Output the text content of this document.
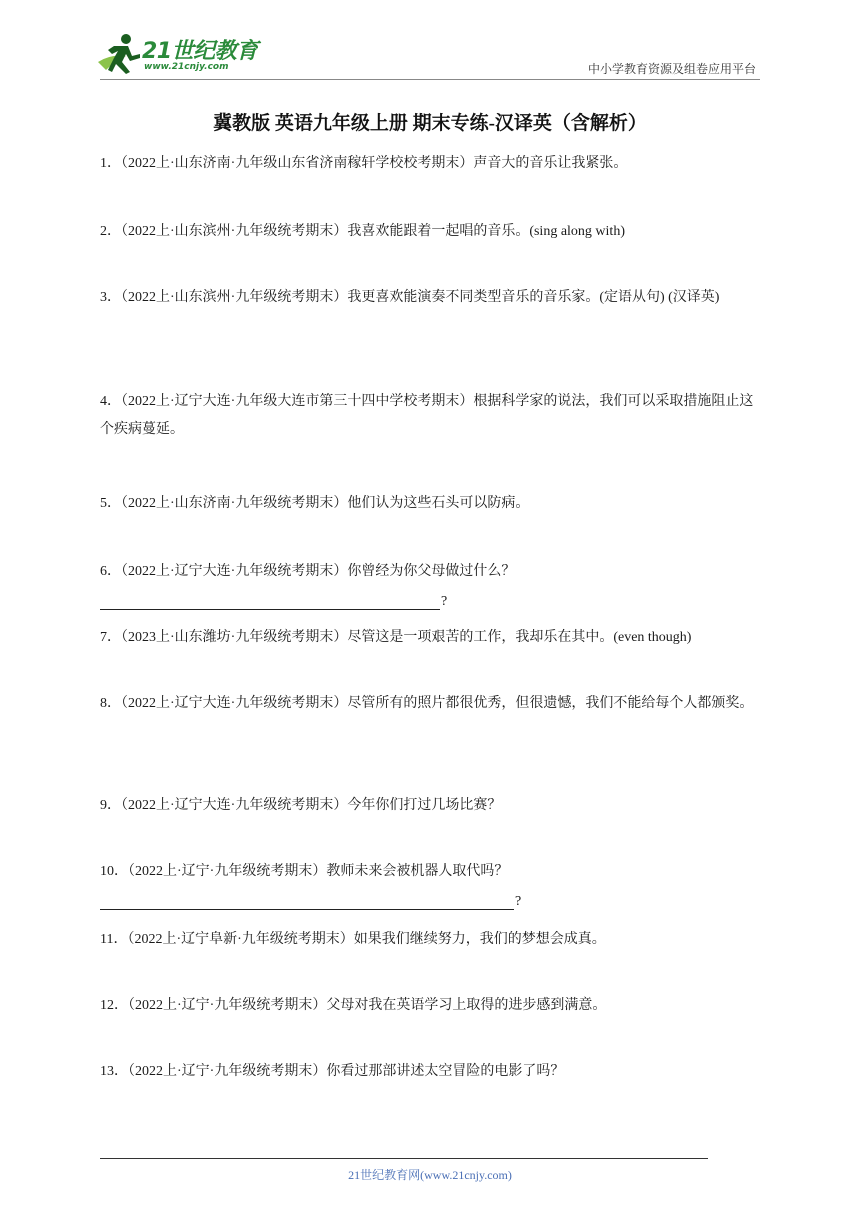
21世纪教育
www.21cnjy.com	中小学教育资源及组卷应用平台
冀教版 英语九年级上册 期末专练-汉译英（含解析）
1．（2022上·山东济南·九年级山东省济南稼轩学校校考期末）声音大的音乐让我紧张。
2．（2022上·山东滨州·九年级统考期末）我喜欢能跟着一起唱的音乐。(sing along with)
3．（2022上·山东滨州·九年级统考期末）我更喜欢能演奏不同类型音乐的音乐家。(定语从句) (汉译英)
4．（2022上·辽宁大连·九年级大连市第三十四中学校考期末）根据科学家的说法，我们可以采取措施阻止这个疾病蔓延。
5．（2022上·山东济南·九年级统考期末）他们认为这些石头可以防病。
6．（2022上·辽宁大连·九年级统考期末）你曾经为你父母做过什么？
?
7．（2023上·山东潍坊·九年级统考期末）尽管这是一项艰苦的工作，我却乐在其中。(even though)
8．（2022上·辽宁大连·九年级统考期末）尽管所有的照片都很优秀，但很遗憾，我们不能给每个人都颁奖。
9．（2022上·辽宁大连·九年级统考期末）今年你们打过几场比赛？
10．（2022上·辽宁·九年级统考期末）教师未来会被机器人取代吗？
?
11．（2022上·辽宁阜新·九年级统考期末）如果我们继续努力，我们的梦想会成真。
12．（2022上·辽宁·九年级统考期末）父母对我在英语学习上取得的进步感到满意。
13．（2022上·辽宁·九年级统考期末）你看过那部讲述太空冒险的电影了吗？
21世纪教育网(www.21cnjy.com)
